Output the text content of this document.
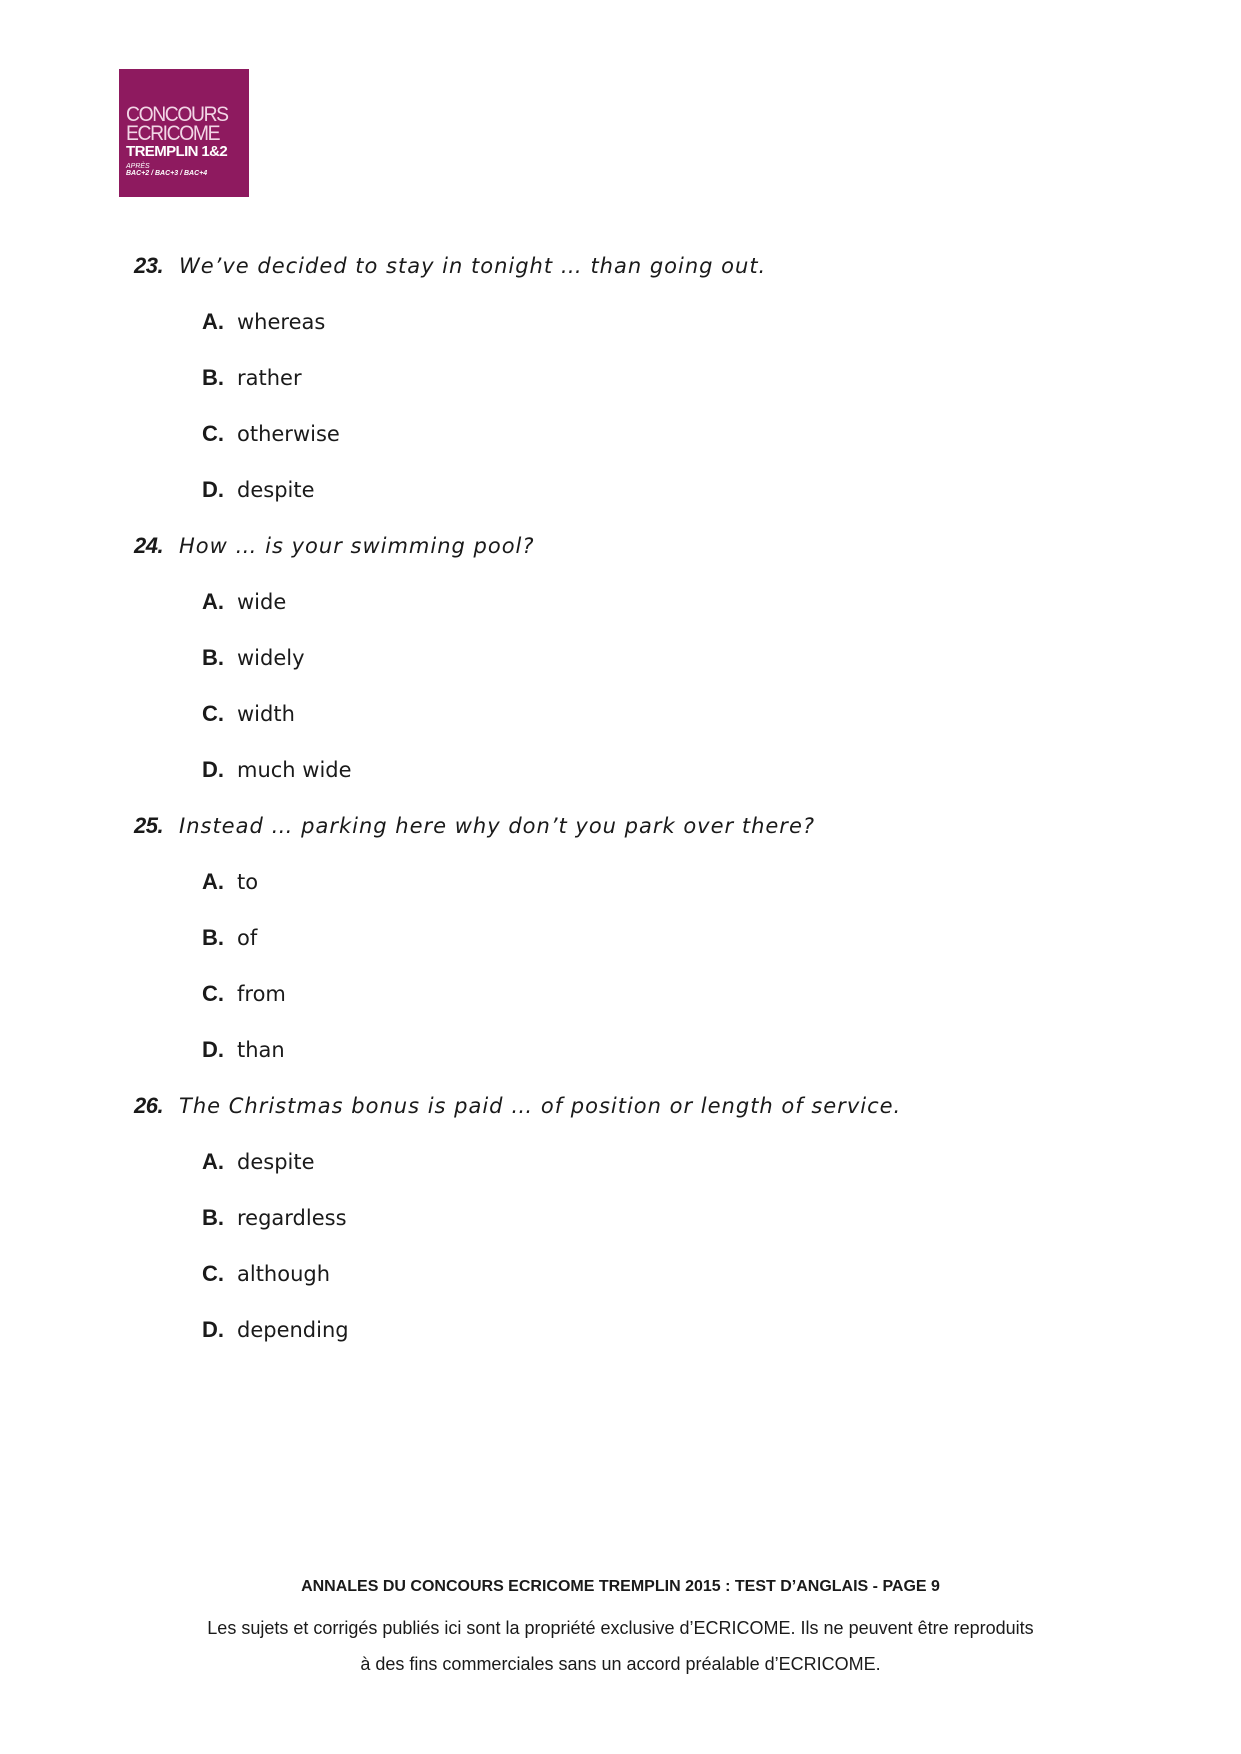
CONCOURS
ECRICOME
TREMPLIN 1&2
APRÈS
BAC+2 / BAC+3 / BAC+4
23. We’ve decided to stay in tonight … than going out.
A. whereas
B. rather
C. otherwise
D. despite
24. How … is your swimming pool?
A. wide
B. widely
C. width
D. much wide
25. Instead … parking here why don’t you park over there?
A. to
B. of
C. from
D. than
26. The Christmas bonus is paid … of position or length of service.
A. despite
B. regardless
C. although
D. depending
ANNALES DU CONCOURS ECRICOME TREMPLIN 2015 : TEST D’ANGLAIS - PAGE 9
Les sujets et corrigés publiés ici sont la propriété exclusive d’ECRICOME. Ils ne peuvent être reproduits
à des fins commerciales sans un accord préalable d’ECRICOME.
